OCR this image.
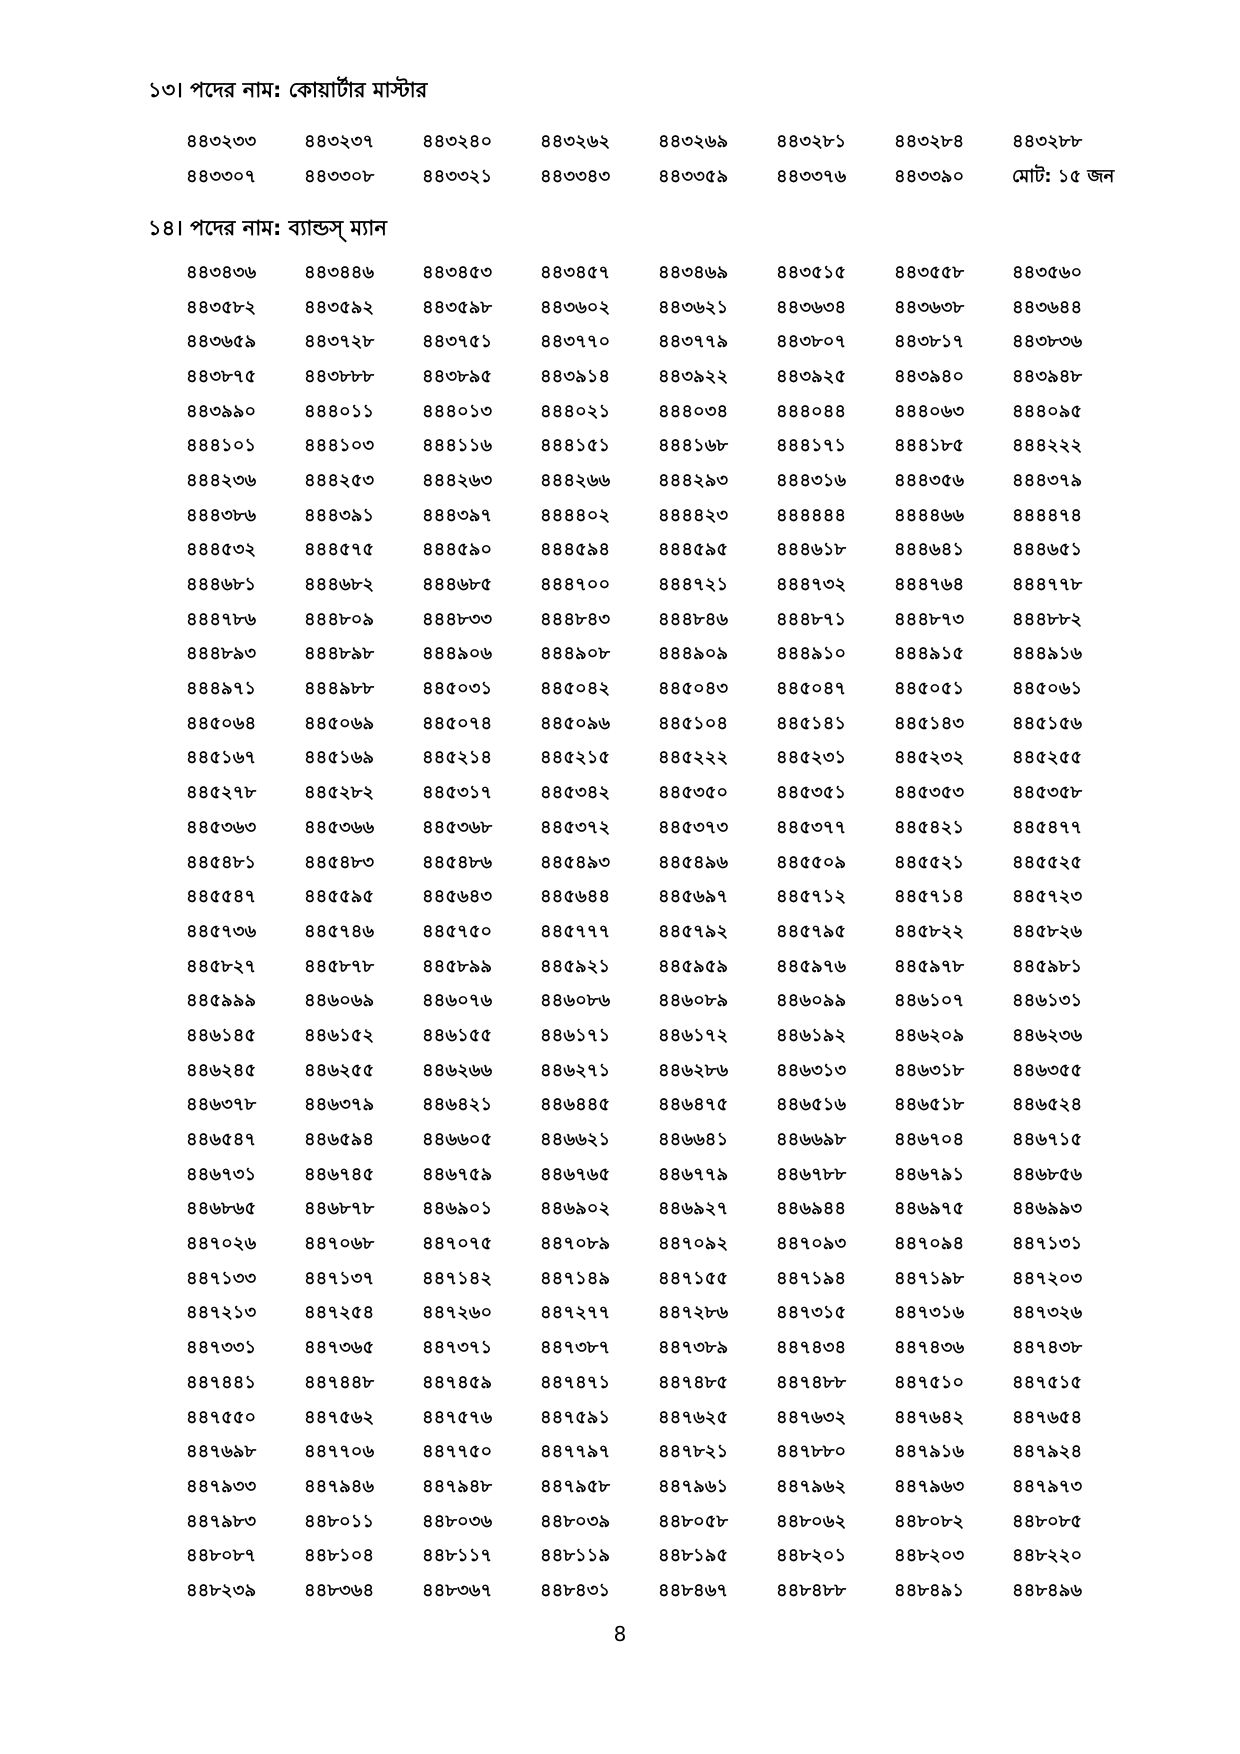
১৩। পদের নাম: কোয়ার্টার মাস্টার
৪৪৩২৩৩	৪৪৩২৩৭	৪৪৩২৪০	৪৪৩২৬২	৪৪৩২৬৯	৪৪৩২৮১	৪৪৩২৮৪	৪৪৩২৮৮
৪৪৩৩০৭	৪৪৩৩০৮	৪৪৩৩২১	৪৪৩৩৪৩	৪৪৩৩৫৯	৪৪৩৩৭৬	৪৪৩৩৯০	মোট: ১৫ জন
১৪। পদের নাম: ব্যান্ডস্ ম্যান
৪৪৩৪৩৬	৪৪৩৪৪৬	৪৪৩৪৫৩	৪৪৩৪৫৭	৪৪৩৪৬৯	৪৪৩৫১৫	৪৪৩৫৫৮	৪৪৩৫৬০
৪৪৩৫৮২	৪৪৩৫৯২	৪৪৩৫৯৮	৪৪৩৬০২	৪৪৩৬২১	৪৪৩৬৩৪	৪৪৩৬৩৮	৪৪৩৬৪৪
৪৪৩৬৫৯	৪৪৩৭২৮	৪৪৩৭৫১	৪৪৩৭৭০	৪৪৩৭৭৯	৪৪৩৮০৭	৪৪৩৮১৭	৪৪৩৮৩৬
৪৪৩৮৭৫	৪৪৩৮৮৮	৪৪৩৮৯৫	৪৪৩৯১৪	৪৪৩৯২২	৪৪৩৯২৫	৪৪৩৯৪০	৪৪৩৯৪৮
৪৪৩৯৯০	৪৪৪০১১	৪৪৪০১৩	৪৪৪০২১	৪৪৪০৩৪	৪৪৪০৪৪	৪৪৪০৬৩	৪৪৪০৯৫
৪৪৪১০১	৪৪৪১০৩	৪৪৪১১৬	৪৪৪১৫১	৪৪৪১৬৮	৪৪৪১৭১	৪৪৪১৮৫	৪৪৪২২২
৪৪৪২৩৬	৪৪৪২৫৩	৪৪৪২৬৩	৪৪৪২৬৬	৪৪৪২৯৩	৪৪৪৩১৬	৪৪৪৩৫৬	৪৪৪৩৭৯
৪৪৪৩৮৬	৪৪৪৩৯১	৪৪৪৩৯৭	৪৪৪৪০২	৪৪৪৪২৩	৪৪৪৪৪৪	৪৪৪৪৬৬	৪৪৪৪৭৪
৪৪৪৫৩২	৪৪৪৫৭৫	৪৪৪৫৯০	৪৪৪৫৯৪	৪৪৪৫৯৫	৪৪৪৬১৮	৪৪৪৬৪১	৪৪৪৬৫১
৪৪৪৬৮১	৪৪৪৬৮২	৪৪৪৬৮৫	৪৪৪৭০০	৪৪৪৭২১	৪৪৪৭৩২	৪৪৪৭৬৪	৪৪৪৭৭৮
৪৪৪৭৮৬	৪৪৪৮০৯	৪৪৪৮৩৩	৪৪৪৮৪৩	৪৪৪৮৪৬	৪৪৪৮৭১	৪৪৪৮৭৩	৪৪৪৮৮২
৪৪৪৮৯৩	৪৪৪৮৯৮	৪৪৪৯০৬	৪৪৪৯০৮	৪৪৪৯০৯	৪৪৪৯১০	৪৪৪৯১৫	৪৪৪৯১৬
৪৪৪৯৭১	৪৪৪৯৮৮	৪৪৫০৩১	৪৪৫০৪২	৪৪৫০৪৩	৪৪৫০৪৭	৪৪৫০৫১	৪৪৫০৬১
৪৪৫০৬৪	৪৪৫০৬৯	৪৪৫০৭৪	৪৪৫০৯৬	৪৪৫১০৪	৪৪৫১৪১	৪৪৫১৪৩	৪৪৫১৫৬
৪৪৫১৬৭	৪৪৫১৬৯	৪৪৫২১৪	৪৪৫২১৫	৪৪৫২২২	৪৪৫২৩১	৪৪৫২৩২	৪৪৫২৫৫
৪৪৫২৭৮	৪৪৫২৮২	৪৪৫৩১৭	৪৪৫৩৪২	৪৪৫৩৫০	৪৪৫৩৫১	৪৪৫৩৫৩	৪৪৫৩৫৮
৪৪৫৩৬৩	৪৪৫৩৬৬	৪৪৫৩৬৮	৪৪৫৩৭২	৪৪৫৩৭৩	৪৪৫৩৭৭	৪৪৫৪২১	৪৪৫৪৭৭
৪৪৫৪৮১	৪৪৫৪৮৩	৪৪৫৪৮৬	৪৪৫৪৯৩	৪৪৫৪৯৬	৪৪৫৫০৯	৪৪৫৫২১	৪৪৫৫২৫
৪৪৫৫৪৭	৪৪৫৫৯৫	৪৪৫৬৪৩	৪৪৫৬৪৪	৪৪৫৬৯৭	৪৪৫৭১২	৪৪৫৭১৪	৪৪৫৭২৩
৪৪৫৭৩৬	৪৪৫৭৪৬	৪৪৫৭৫০	৪৪৫৭৭৭	৪৪৫৭৯২	৪৪৫৭৯৫	৪৪৫৮২২	৪৪৫৮২৬
৪৪৫৮২৭	৪৪৫৮৭৮	৪৪৫৮৯৯	৪৪৫৯২১	৪৪৫৯৫৯	৪৪৫৯৭৬	৪৪৫৯৭৮	৪৪৫৯৮১
৪৪৫৯৯৯	৪৪৬০৬৯	৪৪৬০৭৬	৪৪৬০৮৬	৪৪৬০৮৯	৪৪৬০৯৯	৪৪৬১০৭	৪৪৬১৩১
৪৪৬১৪৫	৪৪৬১৫২	৪৪৬১৫৫	৪৪৬১৭১	৪৪৬১৭২	৪৪৬১৯২	৪৪৬২০৯	৪৪৬২৩৬
৪৪৬২৪৫	৪৪৬২৫৫	৪৪৬২৬৬	৪৪৬২৭১	৪৪৬২৮৬	৪৪৬৩১৩	৪৪৬৩১৮	৪৪৬৩৫৫
৪৪৬৩৭৮	৪৪৬৩৭৯	৪৪৬৪২১	৪৪৬৪৪৫	৪৪৬৪৭৫	৪৪৬৫১৬	৪৪৬৫১৮	৪৪৬৫২৪
৪৪৬৫৪৭	৪৪৬৫৯৪	৪৪৬৬০৫	৪৪৬৬২১	৪৪৬৬৪১	৪৪৬৬৯৮	৪৪৬৭০৪	৪৪৬৭১৫
৪৪৬৭৩১	৪৪৬৭৪৫	৪৪৬৭৫৯	৪৪৬৭৬৫	৪৪৬৭৭৯	৪৪৬৭৮৮	৪৪৬৭৯১	৪৪৬৮৫৬
৪৪৬৮৬৫	৪৪৬৮৭৮	৪৪৬৯০১	৪৪৬৯০২	৪৪৬৯২৭	৪৪৬৯৪৪	৪৪৬৯৭৫	৪৪৬৯৯৩
৪৪৭০২৬	৪৪৭০৬৮	৪৪৭০৭৫	৪৪৭০৮৯	৪৪৭০৯২	৪৪৭০৯৩	৪৪৭০৯৪	৪৪৭১৩১
৪৪৭১৩৩	৪৪৭১৩৭	৪৪৭১৪২	৪৪৭১৪৯	৪৪৭১৫৫	৪৪৭১৯৪	৪৪৭১৯৮	৪৪৭২০৩
৪৪৭২১৩	৪৪৭২৫৪	৪৪৭২৬০	৪৪৭২৭৭	৪৪৭২৮৬	৪৪৭৩১৫	৪৪৭৩১৬	৪৪৭৩২৬
৪৪৭৩৩১	৪৪৭৩৬৫	৪৪৭৩৭১	৪৪৭৩৮৭	৪৪৭৩৮৯	৪৪৭৪৩৪	৪৪৭৪৩৬	৪৪৭৪৩৮
৪৪৭৪৪১	৪৪৭৪৪৮	৪৪৭৪৫৯	৪৪৭৪৭১	৪৪৭৪৮৫	৪৪৭৪৮৮	৪৪৭৫১০	৪৪৭৫১৫
৪৪৭৫৫০	৪৪৭৫৬২	৪৪৭৫৭৬	৪৪৭৫৯১	৪৪৭৬২৫	৪৪৭৬৩২	৪৪৭৬৪২	৪৪৭৬৫৪
৪৪৭৬৯৮	৪৪৭৭০৬	৪৪৭৭৫০	৪৪৭৭৯৭	৪৪৭৮২১	৪৪৭৮৮০	৪৪৭৯১৬	৪৪৭৯২৪
৪৪৭৯৩৩	৪৪৭৯৪৬	৪৪৭৯৪৮	৪৪৭৯৫৮	৪৪৭৯৬১	৪৪৭৯৬২	৪৪৭৯৬৩	৪৪৭৯৭৩
৪৪৭৯৮৩	৪৪৮০১১	৪৪৮০৩৬	৪৪৮০৩৯	৪৪৮০৫৮	৪৪৮০৬২	৪৪৮০৮২	৪৪৮০৮৫
৪৪৮০৮৭	৪৪৮১০৪	৪৪৮১১৭	৪৪৮১১৯	৪৪৮১৯৫	৪৪৮২০১	৪৪৮২০৩	৪৪৮২২০
৪৪৮২৩৯	৪৪৮৩৬৪	৪৪৮৩৬৭	৪৪৮৪৩১	৪৪৮৪৬৭	৪৪৮৪৮৮	৪৪৮৪৯১	৪৪৮৪৯৬
8
